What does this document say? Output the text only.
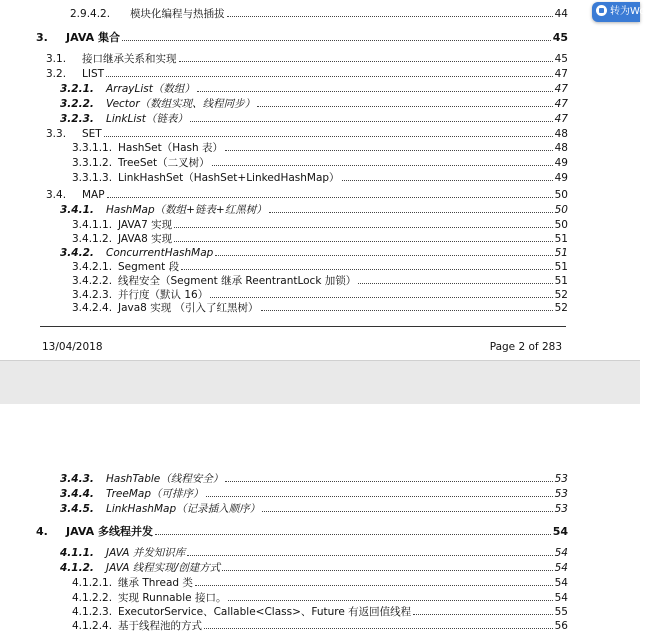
2.9.4.2. 模块化编程与热插拔	44
3. JAVA 集合	45
3.1. 接口继承关系和实现	45
3.2. LIST	47
3.2.1. ArrayList（数组）	47
3.2.2. Vector（数组实现、线程同步）	47
3.2.3. LinkList（链表）	47
3.3. SET	48
3.3.1.1. HashSet（Hash 表）	48
3.3.1.2. TreeSet（二叉树）	49
3.3.1.3. LinkHashSet（HashSet+LinkedHashMap）	49
3.4. MAP	50
3.4.1. HashMap（数组+链表+红黑树）	50
3.4.1.1. JAVA7 实现	50
3.4.1.2. JAVA8 实现	51
3.4.2. ConcurrentHashMap	51
3.4.2.1. Segment 段	51
3.4.2.2. 线程安全（Segment 继承 ReentrantLock 加锁）	51
3.4.2.3. 并行度（默认 16）	52
3.4.2.4. Java8 实现 （引入了红黑树）	52
13/04/2018	Page 2 of 283
3.4.3. HashTable（线程安全）	53
3.4.4. TreeMap（可排序）	53
3.4.5. LinkHashMap（记录插入顺序）	53
4. JAVA 多线程并发	54
4.1.1. JAVA 并发知识库	54
4.1.2. JAVA 线程实现/创建方式	54
4.1.2.1. 继承 Thread 类	54
4.1.2.2. 实现 Runnable 接口。	54
4.1.2.3. ExecutorService、Callable<Class>、Future 有返回值线程	55
4.1.2.4. 基于线程池的方式	56
转为Wo
